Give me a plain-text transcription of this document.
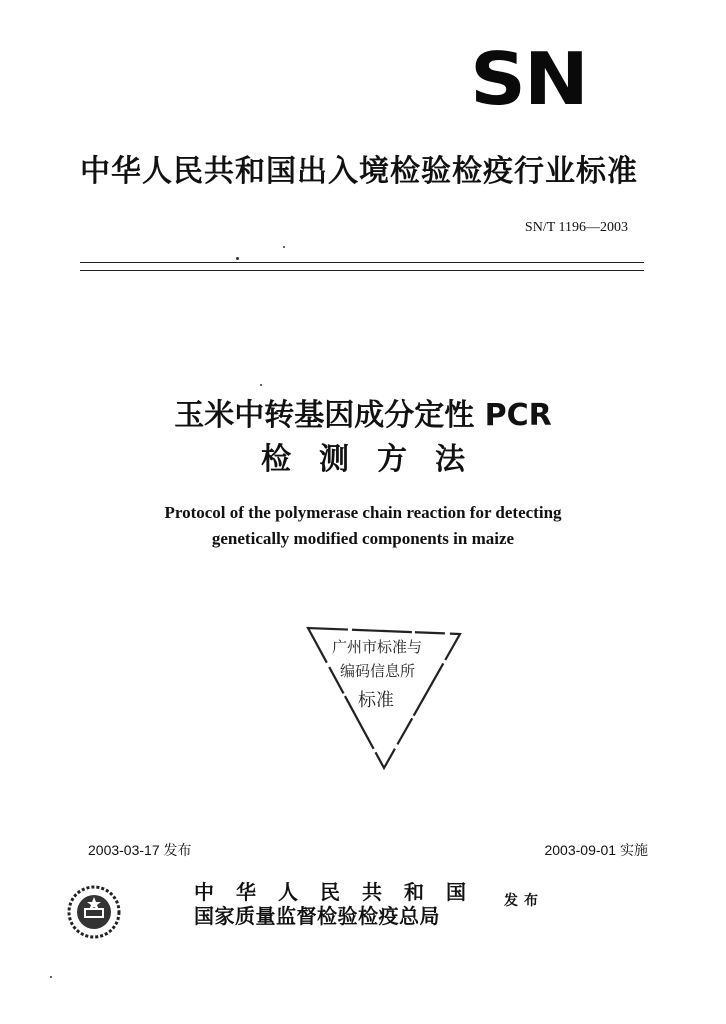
SN
中华人民共和国出入境检验检疫行业标准
SN/T 1196—2003
玉米中转基因成分定性 PCR
检测方法
Protocol of the polymerase chain reaction for detecting
genetically modified components in maize
广州市标准与
编码信息所
标准
2003-03-17 发布	2003-09-01 实施
中华人民共和国
国家质量监督检验检疫总局
发布
